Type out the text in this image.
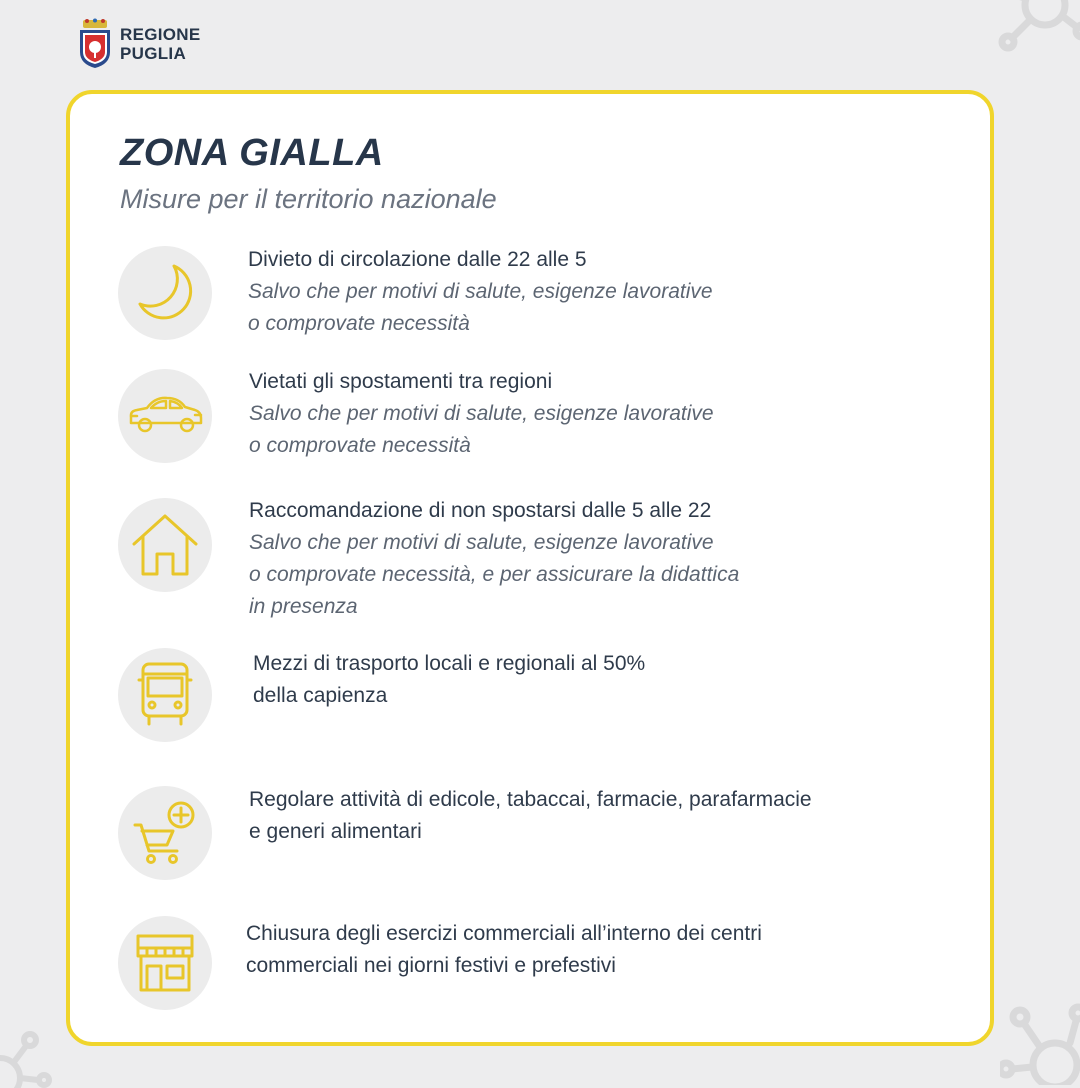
REGIONE
PUGLIA
ZONA GIALLA
Misure per il territorio nazionale
Divieto di circolazione dalle 22 alle 5
Salvo che per motivi di salute, esigenze lavorative
o comprovate necessità
Vietati gli spostamenti tra regioni
Salvo che per motivi di salute, esigenze lavorative
o comprovate necessità
Raccomandazione di non spostarsi dalle 5 alle 22
Salvo che per motivi di salute, esigenze lavorative
o comprovate necessità, e per assicurare la didattica
in presenza
Mezzi di trasporto locali e regionali al 50%
della capienza
Regolare attività di edicole, tabaccai, farmacie, parafarmacie
e generi alimentari
Chiusura degli esercizi commerciali all’interno dei centri
commerciali nei giorni festivi e prefestivi
